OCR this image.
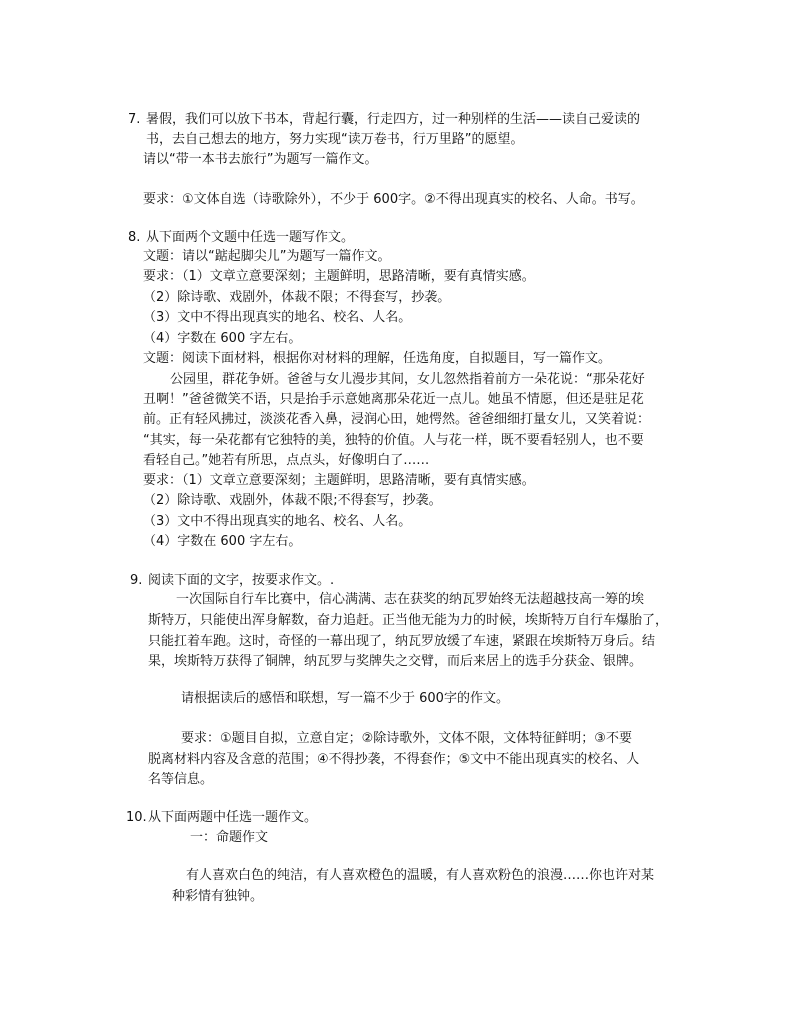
7. 暑假，我们可以放下书本，背起行囊，行走四方，过一种别样的生活——读自己爱读的
书，去自己想去的地方，努力实现“读万卷书，行万里路”的愿望。
请以“带一本书去旅行”为题写一篇作文。
要求：①文体自选（诗歌除外），不少于 600字。②不得出现真实的校名、人命。书写。
8. 从下面两个文题中任选一题写作文。
文题：请以“踮起脚尖儿”为题写一篇作文。
要求：（1）文章立意要深刻；主题鲜明，思路清晰，要有真情实感。
（2）除诗歌、戏剧外，体裁不限；不得套写，抄袭。
（3）文中不得出现真实的地名、校名、人名。
（4）字数在 600 字左右。
文题：阅读下面材料，根据你对材料的理解，任选角度，自拟题目，写一篇作文。
公园里，群花争妍。爸爸与女儿漫步其间，女儿忽然指着前方一朵花说：“那朵花好
丑啊！”爸爸微笑不语，只是抬手示意她离那朵花近一点儿。她虽不情愿，但还是驻足花
前。正有轻风拂过，淡淡花香入鼻，浸润心田，她愕然。爸爸细细打量女儿，又笑着说：
“其实，每一朵花都有它独特的美，独特的价值。人与花一样，既不要看轻别人，也不要
看轻自己。”她若有所思，点点头，好像明白了……
要求：（1）文章立意要深刻；主题鲜明，思路清晰，要有真情实感。
（2）除诗歌、戏剧外，体裁不限;不得套写，抄袭。
（3）文中不得出现真实的地名、校名、人名。
（4）字数在 600 字左右。
9. 阅读下面的文字，按要求作文。.
一次国际自行车比赛中，信心满满、志在获奖的纳瓦罗始终无法超越技高一筹的埃
斯特万，只能使出浑身解数，奋力追赶。正当他无能为力的时候，埃斯特万自行车爆胎了，
只能扛着车跑。这时，奇怪的一幕出现了，纳瓦罗放缓了车速，紧跟在埃斯特万身后。结
果，埃斯特万获得了铜牌，纳瓦罗与奖牌失之交臂，而后来居上的选手分获金、银牌。
请根据读后的感悟和联想，写一篇不少于 600字的作文。
要求：①题目自拟，立意自定；②除诗歌外，文体不限，文体特征鲜明；③不要
脱离材料内容及含意的范围；④不得抄袭，不得套作；⑤文中不能出现真实的校名、人
名等信息。
10. 从下面两题中任选一题作文。
一：命题作文
有人喜欢白色的纯洁，有人喜欢橙色的温暖，有人喜欢粉色的浪漫……你也许对某
种彩情有独钟。
